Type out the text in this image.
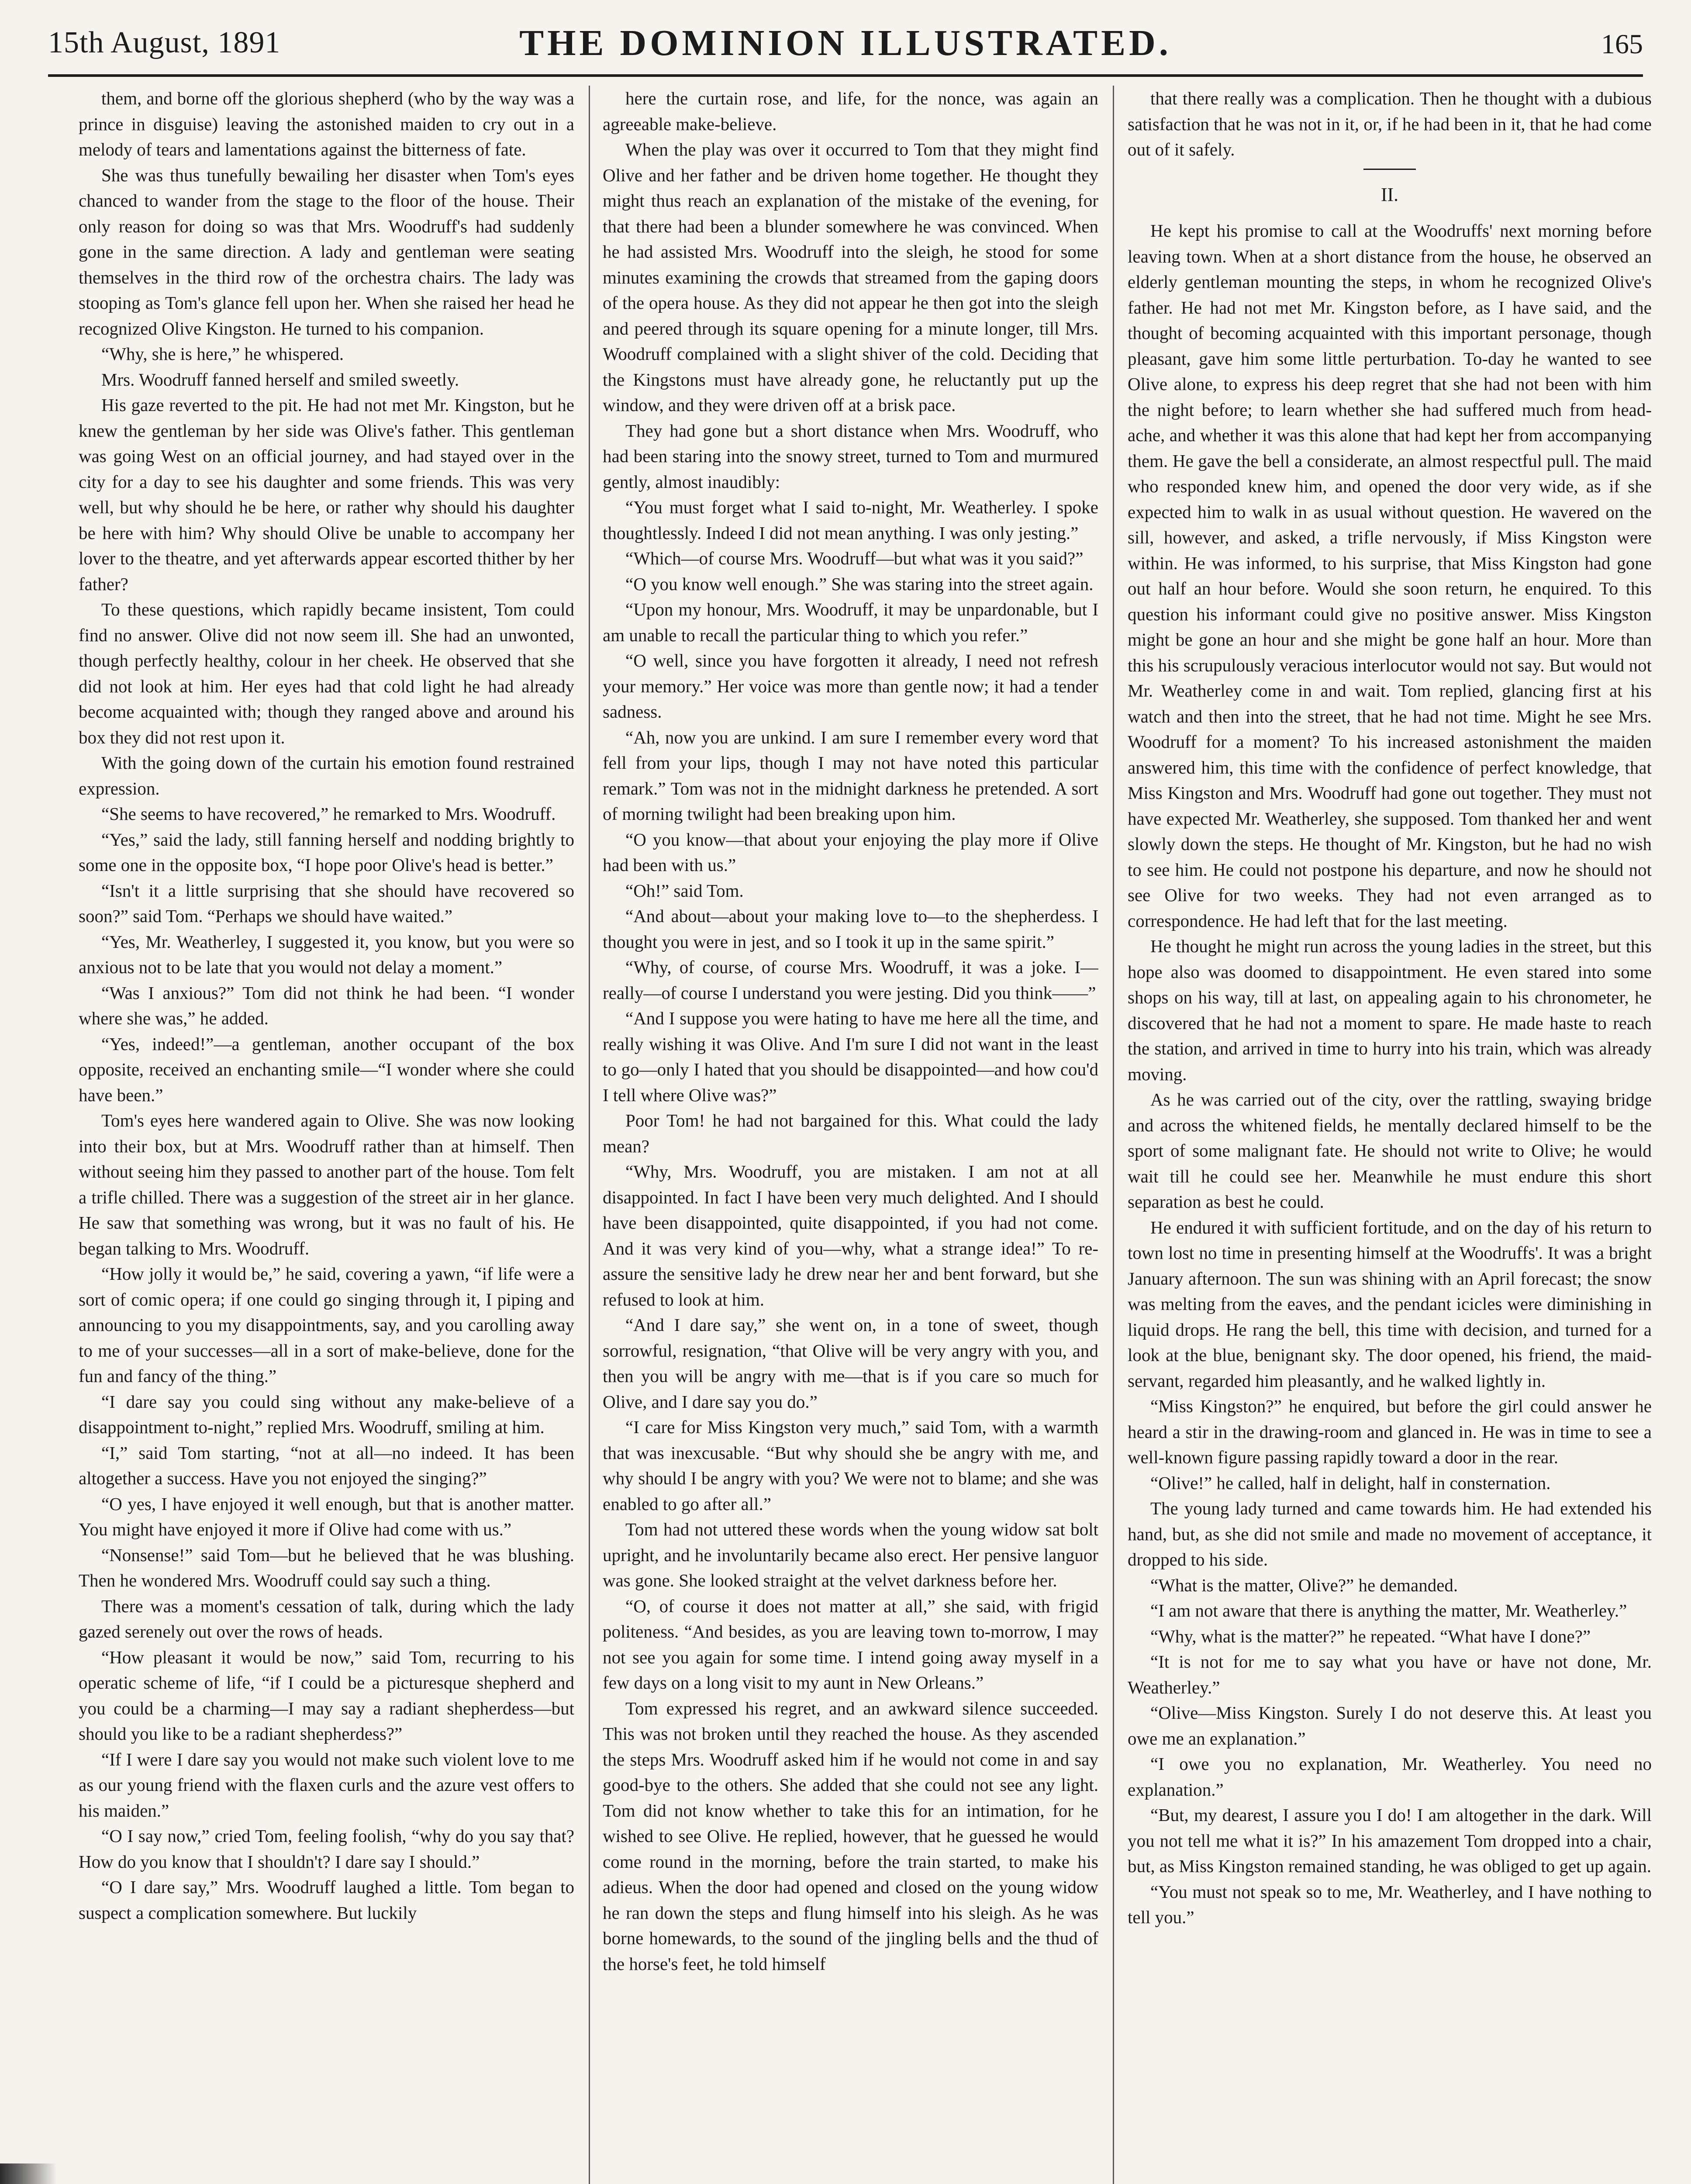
15th August, 1891	THE DOMINION ILLUSTRATED.	165

them, and borne off the glorious shepherd (who by the way was a prince in disguise) leaving the astonished maiden to cry out in a melody of tears and lamentations against the bitterness of fate.

She was thus tunefully bewailing her disaster when Tom's eyes chanced to wander from the stage to the floor of the house. Their only reason for doing so was that Mrs. Woodruff's had suddenly gone in the same direction. A lady and gentleman were seating themselves in the third row of the orchestra chairs. The lady was stooping as Tom's glance fell upon her. When she raised her head he recognized Olive Kingston. He turned to his companion.

“Why, she is here,” he whispered.

Mrs. Woodruff fanned herself and smiled sweetly.

His gaze reverted to the pit. He had not met Mr. Kingston, but he knew the gentleman by her side was Olive's father. This gentleman was going West on an official journey, and had stayed over in the city for a day to see his daughter and some friends. This was very well, but why should he be here, or rather why should his daughter be here with him? Why should Olive be unable to accompany her lover to the theatre, and yet afterwards appear escorted thither by her father?

To these questions, which rapidly became insistent, Tom could find no answer. Olive did not now seem ill. She had an unwonted, though perfectly healthy, colour in her cheek. He observed that she did not look at him. Her eyes had that cold light he had already become acquainted with; though they ranged above and around his box they did not rest upon it.

With the going down of the curtain his emotion found restrained expression.

“She seems to have recovered,” he remarked to Mrs. Woodruff.

“Yes,” said the lady, still fanning herself and nodding brightly to some one in the opposite box, “I hope poor Olive's head is better.”

“Isn't it a little surprising that she should have recovered so soon?” said Tom. “Perhaps we should have waited.”

“Yes, Mr. Weatherley, I suggested it, you know, but you were so anxious not to be late that you would not delay a moment.”

“Was I anxious?” Tom did not think he had been. “I wonder where she was,” he added.

“Yes, indeed!”—a gentleman, another occupant of the box opposite, received an enchanting smile—“I wonder where she could have been.”

Tom's eyes here wandered again to Olive. She was now looking into their box, but at Mrs. Woodruff rather than at himself. Then without seeing him they passed to another part of the house. Tom felt a trifle chilled. There was a suggestion of the street air in her glance. He saw that something was wrong, but it was no fault of his. He began talking to Mrs. Woodruff.

“How jolly it would be,” he said, covering a yawn, “if life were a sort of comic opera; if one could go singing through it, I piping and announcing to you my disappointments, say, and you carolling away to me of your successes—all in a sort of make-believe, done for the fun and fancy of the thing.”

“I dare say you could sing without any make-believe of a disappointment to-night,” replied Mrs. Woodruff, smiling at him.

“I,” said Tom starting, “not at all—no indeed. It has been altogether a success. Have you not enjoyed the singing?”

“O yes, I have enjoyed it well enough, but that is another matter. You might have enjoyed it more if Olive had come with us.”

“Nonsense!” said Tom—but he believed that he was blushing. Then he wondered Mrs. Woodruff could say such a thing.

There was a moment's cessation of talk, during which the lady gazed serenely out over the rows of heads.

“How pleasant it would be now,” said Tom, recurring to his operatic scheme of life, “if I could be a picturesque shepherd and you could be a charming—I may say a radiant shepherdess—but should you like to be a radiant shepherdess?”

“If I were I dare say you would not make such violent love to me as our young friend with the flaxen curls and the azure vest offers to his maiden.”

“O I say now,” cried Tom, feeling foolish, “why do you say that? How do you know that I shouldn't? I dare say I should.”

“O I dare say,” Mrs. Woodruff laughed a little. Tom began to suspect a complication somewhere. But luckily

here the curtain rose, and life, for the nonce, was again an agreeable make-believe.

When the play was over it occurred to Tom that they might find Olive and her father and be driven home together. He thought they might thus reach an explanation of the mistake of the evening, for that there had been a blunder somewhere he was convinced. When he had assisted Mrs. Woodruff into the sleigh, he stood for some minutes examining the crowds that streamed from the gaping doors of the opera house. As they did not appear he then got into the sleigh and peered through its square opening for a minute longer, till Mrs. Woodruff complained with a slight shiver of the cold. Deciding that the Kingstons must have already gone, he reluctantly put up the window, and they were driven off at a brisk pace.

They had gone but a short distance when Mrs. Woodruff, who had been staring into the snowy street, turned to Tom and murmured gently, almost inaudibly:

“You must forget what I said to-night, Mr. Weatherley. I spoke thoughtlessly. Indeed I did not mean anything. I was only jesting.”

“Which—of course Mrs. Woodruff—but what was it you said?”

“O you know well enough.” She was staring into the street again.

“Upon my honour, Mrs. Woodruff, it may be unpardonable, but I am unable to recall the particular thing to which you refer.”

“O well, since you have forgotten it already, I need not refresh your memory.” Her voice was more than gentle now; it had a tender sadness.

“Ah, now you are unkind. I am sure I remember every word that fell from your lips, though I may not have noted this particular remark.” Tom was not in the midnight darkness he pretended. A sort of morning twilight had been breaking upon him.

“O you know—that about your enjoying the play more if Olive had been with us.”

“Oh!” said Tom.

“And about—about your making love to—to the shepherdess. I thought you were in jest, and so I took it up in the same spirit.”

“Why, of course, of course Mrs. Woodruff, it was a joke. I—really—of course I understand you were jesting. Did you think——”

“And I suppose you were hating to have me here all the time, and really wishing it was Olive. And I'm sure I did not want in the least to go—only I hated that you should be disappointed—and how cou'd I tell where Olive was?”

Poor Tom! he had not bargained for this. What could the lady mean?

“Why, Mrs. Woodruff, you are mistaken. I am not at all disappointed. In fact I have been very much delighted. And I should have been disappointed, quite disappointed, if you had not come. And it was very kind of you—why, what a strange idea!” To re-assure the sensitive lady he drew near her and bent forward, but she refused to look at him.

“And I dare say,” she went on, in a tone of sweet, though sorrowful, resignation, “that Olive will be very angry with you, and then you will be angry with me—that is if you care so much for Olive, and I dare say you do.”

“I care for Miss Kingston very much,” said Tom, with a warmth that was inexcusable. “But why should she be angry with me, and why should I be angry with you? We were not to blame; and she was enabled to go after all.”

Tom had not uttered these words when the young widow sat bolt upright, and he involuntarily became also erect. Her pensive languor was gone. She looked straight at the velvet darkness before her.

“O, of course it does not matter at all,” she said, with frigid politeness. “And besides, as you are leaving town to-morrow, I may not see you again for some time. I intend going away myself in a few days on a long visit to my aunt in New Orleans.”

Tom expressed his regret, and an awkward silence succeeded. This was not broken until they reached the house. As they ascended the steps Mrs. Woodruff asked him if he would not come in and say good-bye to the others. She added that she could not see any light. Tom did not know whether to take this for an intimation, for he wished to see Olive. He replied, however, that he guessed he would come round in the morning, before the train started, to make his adieus. When the door had opened and closed on the young widow he ran down the steps and flung himself into his sleigh. As he was borne homewards, to the sound of the jingling bells and the thud of the horse's feet, he told himself

that there really was a complication. Then he thought with a dubious satisfaction that he was not in it, or, if he had been in it, that he had come out of it safely.

II.

He kept his promise to call at the Woodruffs' next morning before leaving town. When at a short distance from the house, he observed an elderly gentleman mounting the steps, in whom he recognized Olive's father. He had not met Mr. Kingston before, as I have said, and the thought of becoming acquainted with this important personage, though pleasant, gave him some little perturbation. To-day he wanted to see Olive alone, to express his deep regret that she had not been with him the night before; to learn whether she had suffered much from head-ache, and whether it was this alone that had kept her from accompanying them. He gave the bell a considerate, an almost respectful pull. The maid who responded knew him, and opened the door very wide, as if she expected him to walk in as usual without question. He wavered on the sill, however, and asked, a trifle nervously, if Miss Kingston were within. He was informed, to his surprise, that Miss Kingston had gone out half an hour before. Would she soon return, he enquired. To this question his informant could give no positive answer. Miss Kingston might be gone an hour and she might be gone half an hour. More than this his scrupulously veracious interlocutor would not say. But would not Mr. Weatherley come in and wait. Tom replied, glancing first at his watch and then into the street, that he had not time. Might he see Mrs. Woodruff for a moment? To his increased astonishment the maiden answered him, this time with the confidence of perfect knowledge, that Miss Kingston and Mrs. Woodruff had gone out together. They must not have expected Mr. Weatherley, she supposed. Tom thanked her and went slowly down the steps. He thought of Mr. Kingston, but he had no wish to see him. He could not postpone his departure, and now he should not see Olive for two weeks. They had not even arranged as to correspondence. He had left that for the last meeting.

He thought he might run across the young ladies in the street, but this hope also was doomed to disappointment. He even stared into some shops on his way, till at last, on appealing again to his chronometer, he discovered that he had not a moment to spare. He made haste to reach the station, and arrived in time to hurry into his train, which was already moving.

As he was carried out of the city, over the rattling, swaying bridge and across the whitened fields, he mentally declared himself to be the sport of some malignant fate. He should not write to Olive; he would wait till he could see her. Meanwhile he must endure this short separation as best he could.

He endured it with sufficient fortitude, and on the day of his return to town lost no time in presenting himself at the Woodruffs'. It was a bright January afternoon. The sun was shining with an April forecast; the snow was melting from the eaves, and the pendant icicles were diminishing in liquid drops. He rang the bell, this time with decision, and turned for a look at the blue, benignant sky. The door opened, his friend, the maid-servant, regarded him pleasantly, and he walked lightly in.

“Miss Kingston?” he enquired, but before the girl could answer he heard a stir in the drawing-room and glanced in. He was in time to see a well-known figure passing rapidly toward a door in the rear.

“Olive!” he called, half in delight, half in consternation.

The young lady turned and came towards him. He had extended his hand, but, as she did not smile and made no movement of acceptance, it dropped to his side.

“What is the matter, Olive?” he demanded.

“I am not aware that there is anything the matter, Mr. Weatherley.”

“Why, what is the matter?” he repeated. “What have I done?”

“It is not for me to say what you have or have not done, Mr. Weatherley.”

“Olive—Miss Kingston. Surely I do not deserve this. At least you owe me an explanation.”

“I owe you no explanation, Mr. Weatherley. You need no explanation.”

“But, my dearest, I assure you I do! I am altogether in the dark. Will you not tell me what it is?” In his amazement Tom dropped into a chair, but, as Miss Kingston remained standing, he was obliged to get up again.

“You must not speak so to me, Mr. Weatherley, and I have nothing to tell you.”
